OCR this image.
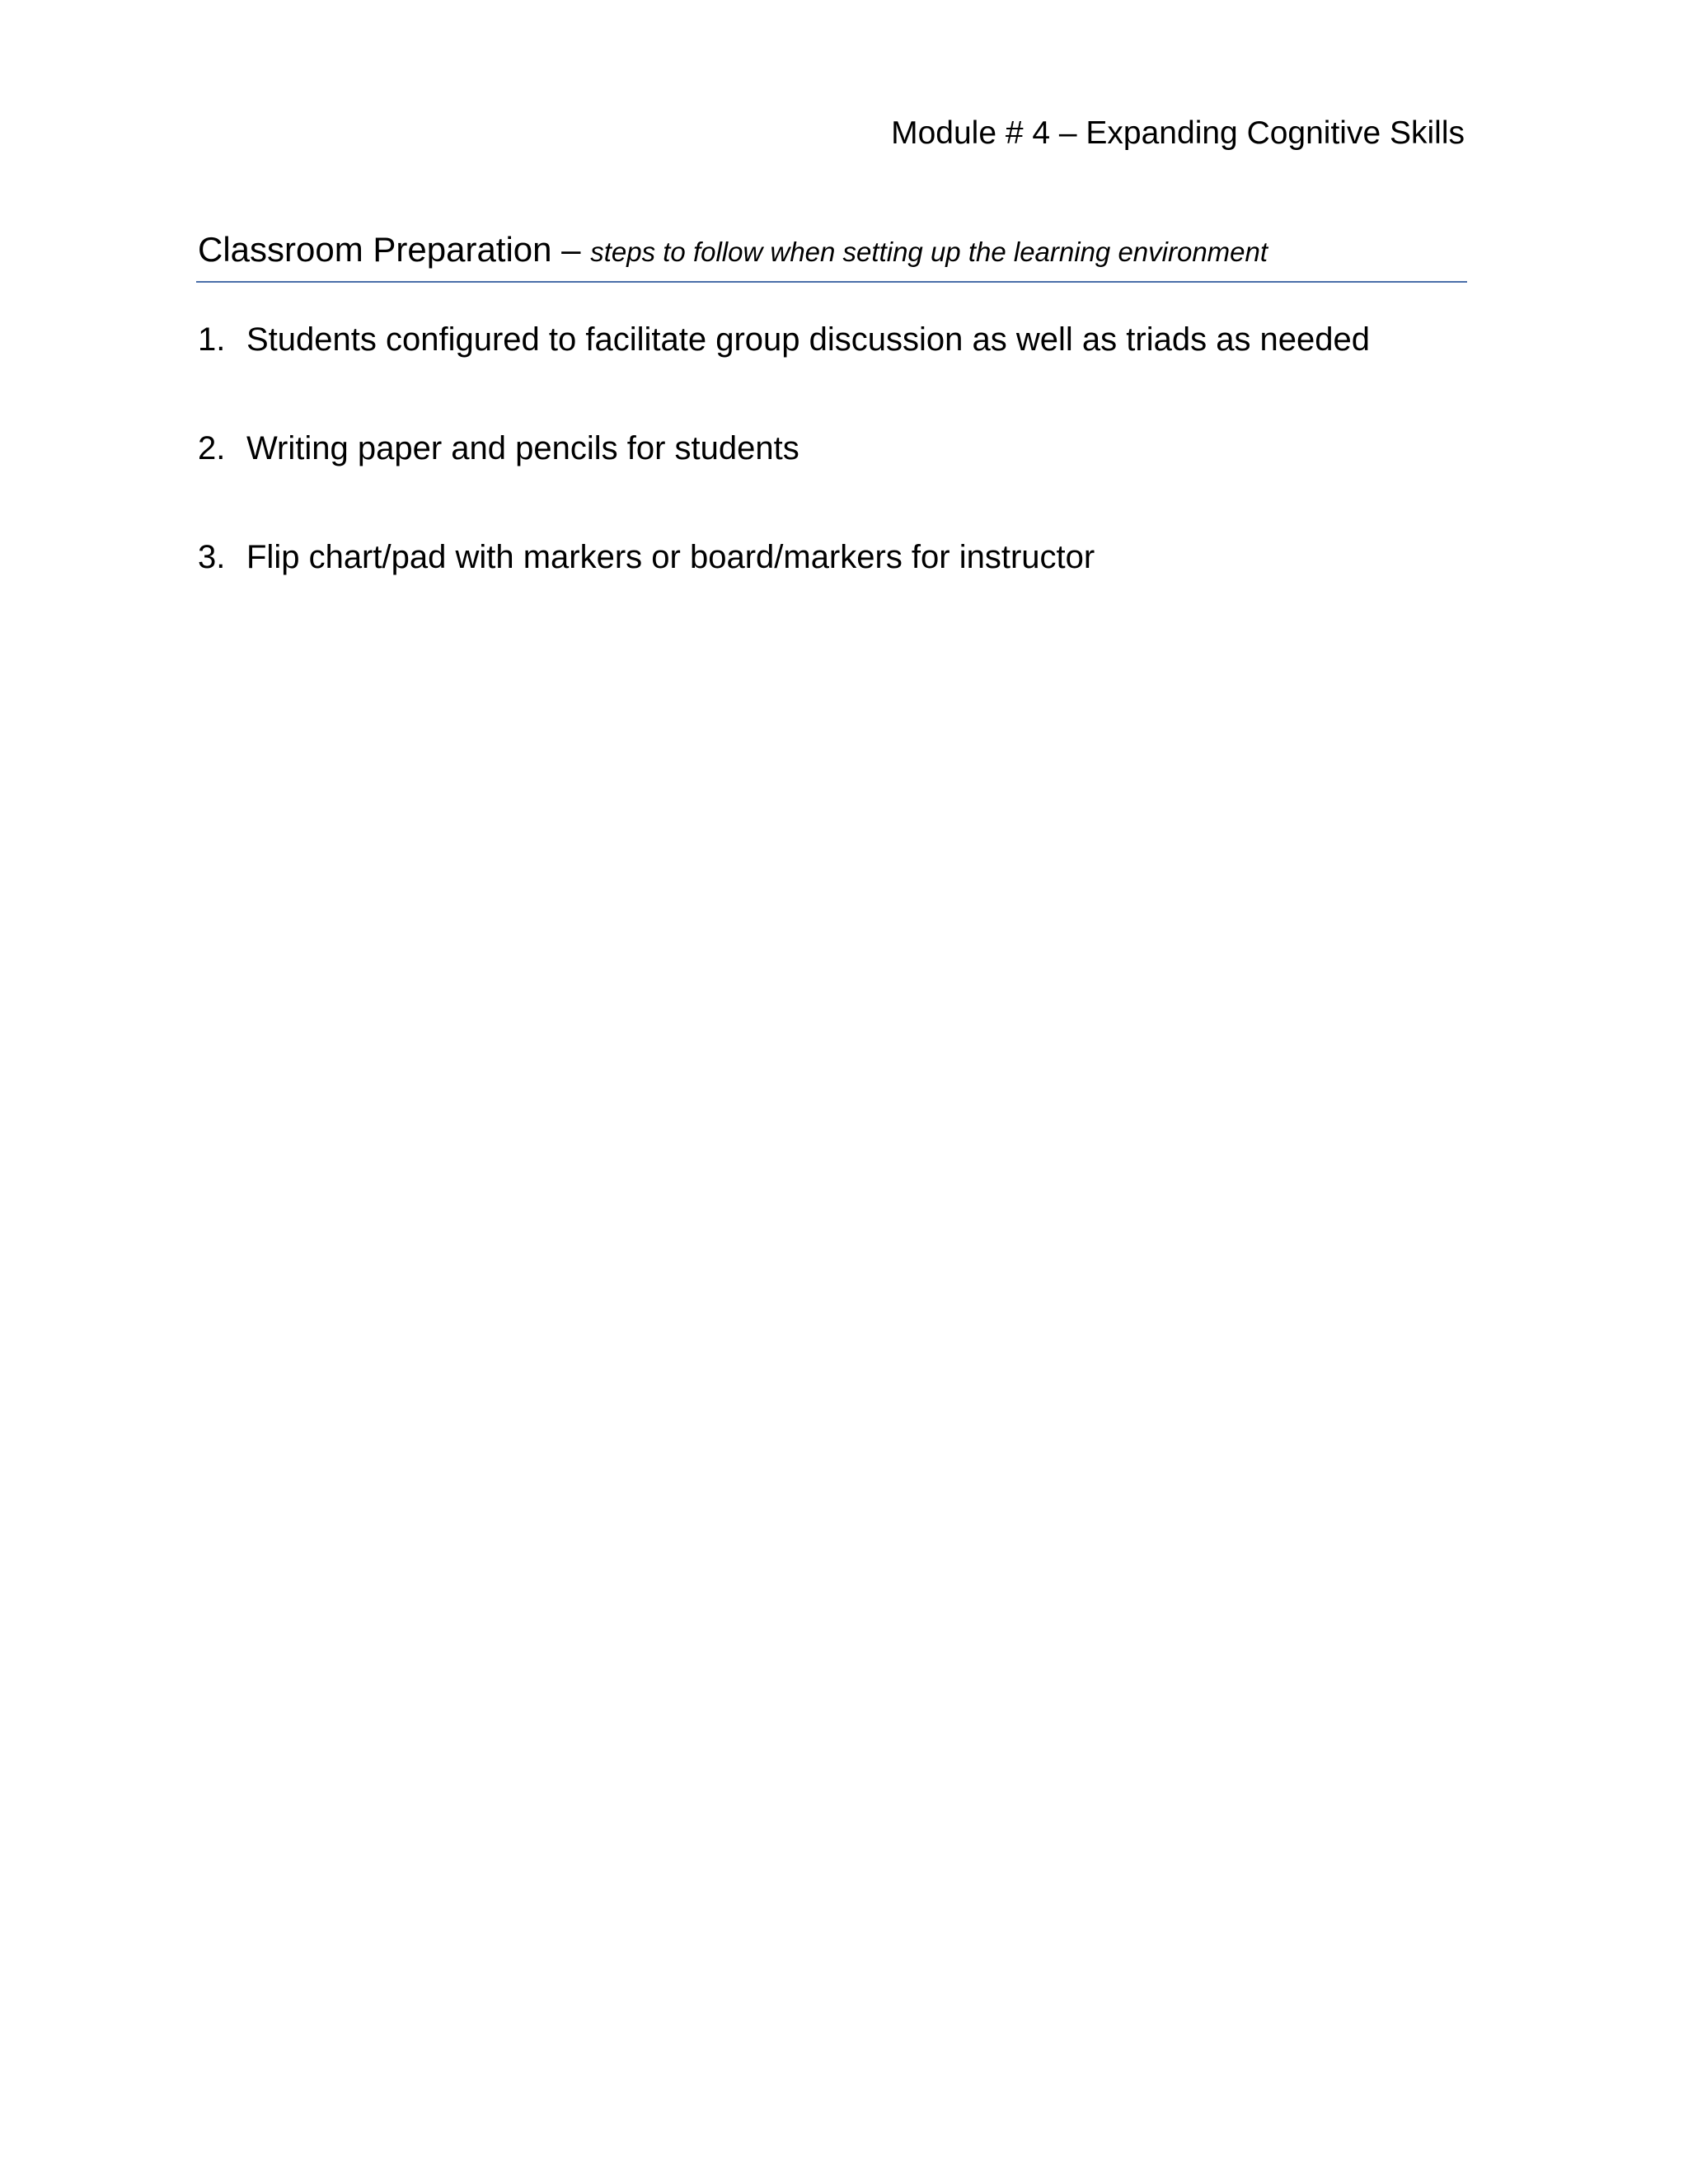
Module # 4 – Expanding Cognitive Skills
Classroom Preparation – steps to follow when setting up the learning environment
1. Students configured to facilitate group discussion as well as triads as needed
2. Writing paper and pencils for students
3. Flip chart/pad with markers or board/markers for instructor
